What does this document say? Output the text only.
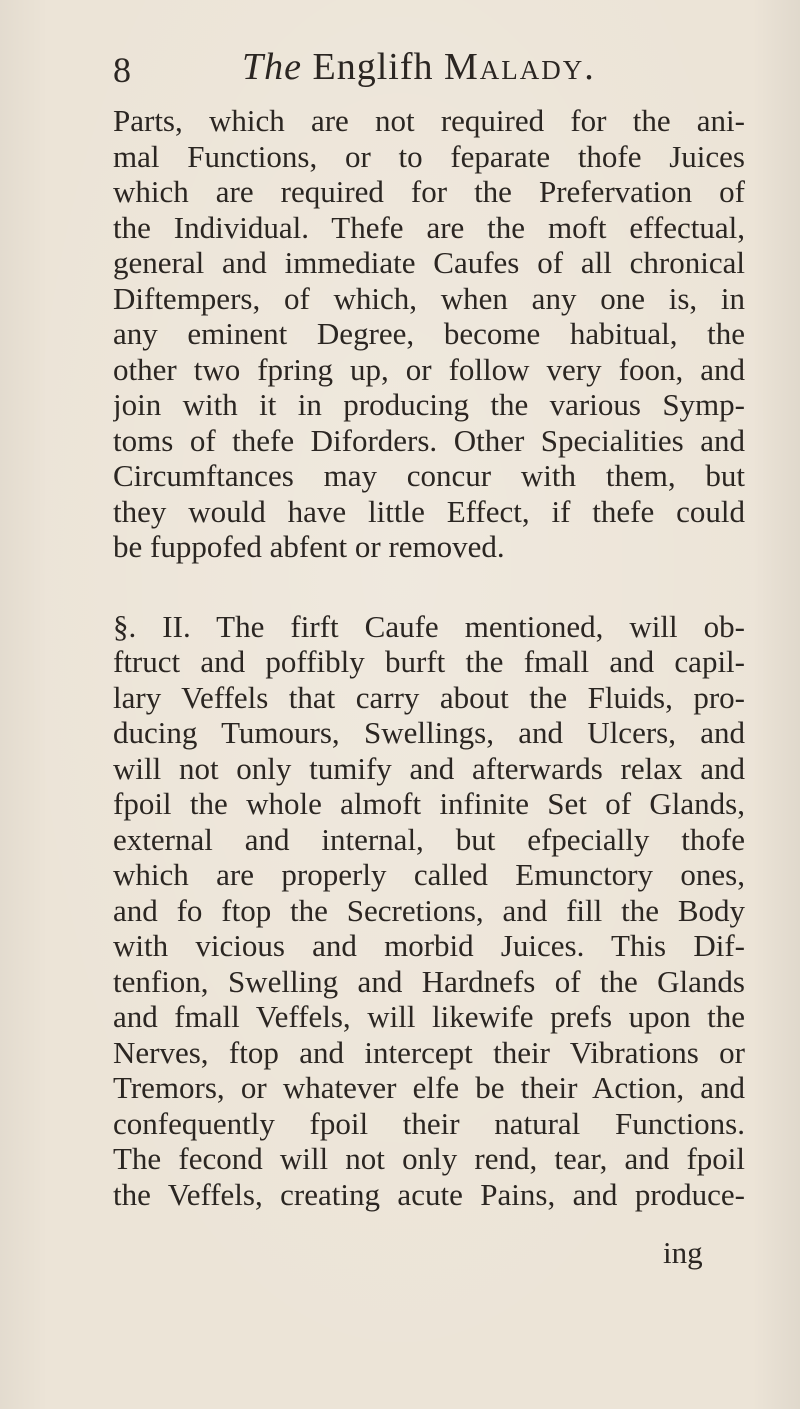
8	The Englifh Malady.
Parts, which are not required for the ani-
mal Functions, or to feparate thofe Juices
which are required for the Prefervation of
the Individual. Thefe are the moft effectual,
general and immediate Caufes of all chronical
Diftempers, of which, when any one is, in
any eminent Degree, become habitual, the
other two fpring up, or follow very foon, and
join with it in producing the various Symp-
toms of thefe Diforders. Other Specialities and
Circumftances may concur with them, but
they would have little Effect, if thefe could
be fuppofed abfent or removed.
§. II. The firft Caufe mentioned, will ob-
ftruct and poffibly burft the fmall and capil-
lary Veffels that carry about the Fluids, pro-
ducing Tumours, Swellings, and Ulcers, and
will not only tumify and afterwards relax and
fpoil the whole almoft infinite Set of Glands,
external and internal, but efpecially thofe
which are properly called Emunctory ones,
and fo ftop the Secretions, and fill the Body
with vicious and morbid Juices. This Dif-
tenfion, Swelling and Hardnefs of the Glands
and fmall Veffels, will likewife prefs upon the
Nerves, ftop and intercept their Vibrations or
Tremors, or whatever elfe be their Action, and
confequently fpoil their natural Functions.
The fecond will not only rend, tear, and fpoil
the Veffels, creating acute Pains, and produce-
ing
